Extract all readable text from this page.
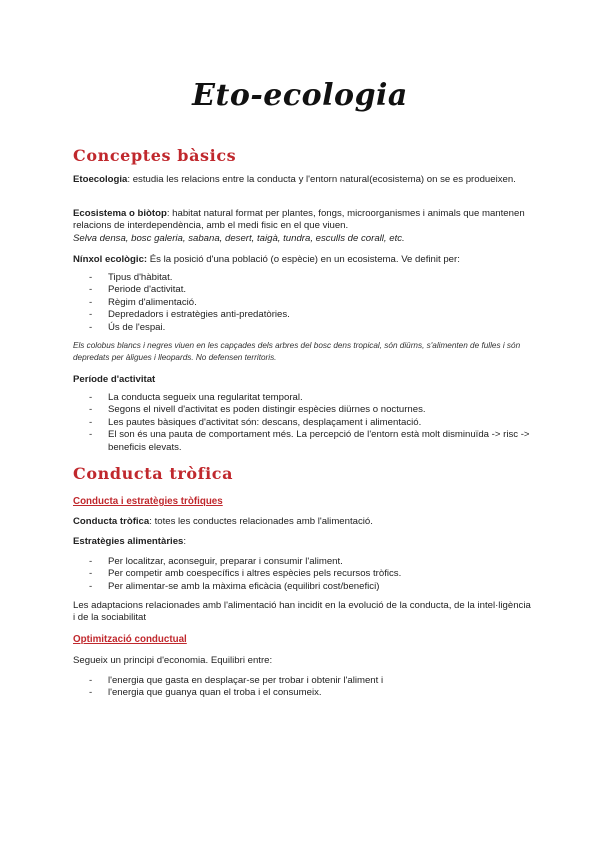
Eto-ecologia
Conceptes bàsics

Etoecologia: estudia les relacions entre la conducta y l'entorn natural(ecosistema) on se es produeixen.

Ecosistema o biòtop: habitat natural format per plantes, fongs, microorganismes i animals que mantenen relacions de interdependència, amb el medi fisic en el que viuen.

Selva densa, bosc galeria, sabana, desert, taigà, tundra, esculls de corall, etc.

Nínxol ecològic: És la posició d'una població (o espècie) en un ecosistema. Ve definit per:

- Tipus d'hàbitat.
- Periode d'activitat.
- Règim d'alimentació.
- Depredadors i estratègies anti-predatòries.
- Ús de l'espai.
Els colobus blancs i negres viuen en les capçades dels arbres del bosc dens tropical, són diürns, s'alimenten de fulles i són depredats per àligues i lleopards. No defensen territoris.
Període d'activitat
- La conducta segueix una regularitat temporal.
- Segons el nivell d'activitat es poden distingir espècies diürnes o nocturnes.
- Les pautes bàsiques d'activitat són: descans, desplaçament i alimentació.
- El son és una pauta de comportament més. La percepció de l'entorn està molt disminuïda -> risc -> beneficis elevats.
Conducta tròfica
Conducta i estratègies tròfiques

Conducta tròfica: totes les conductes relacionades amb l'alimentació.

Estratègies alimentàries:

- Per localitzar, aconseguir, preparar i consumir l'aliment.
- Per competir amb coespecífics i altres espècies pels recursos tròfics.
- Per alimentar-se amb la màxima eficàcia (equilibri cost/benefici)
Les adaptacions relacionades amb l'alimentació han incidit en la evolució de la conducta, de la intel·ligència i de la sociabilitat
Optimització conductual
Segueix un principi d'economia. Equilibri entre:
- l'energia que gasta en desplaçar-se per trobar i obtenir l'aliment i
- l'energia que guanya quan el troba i el consumeix.
